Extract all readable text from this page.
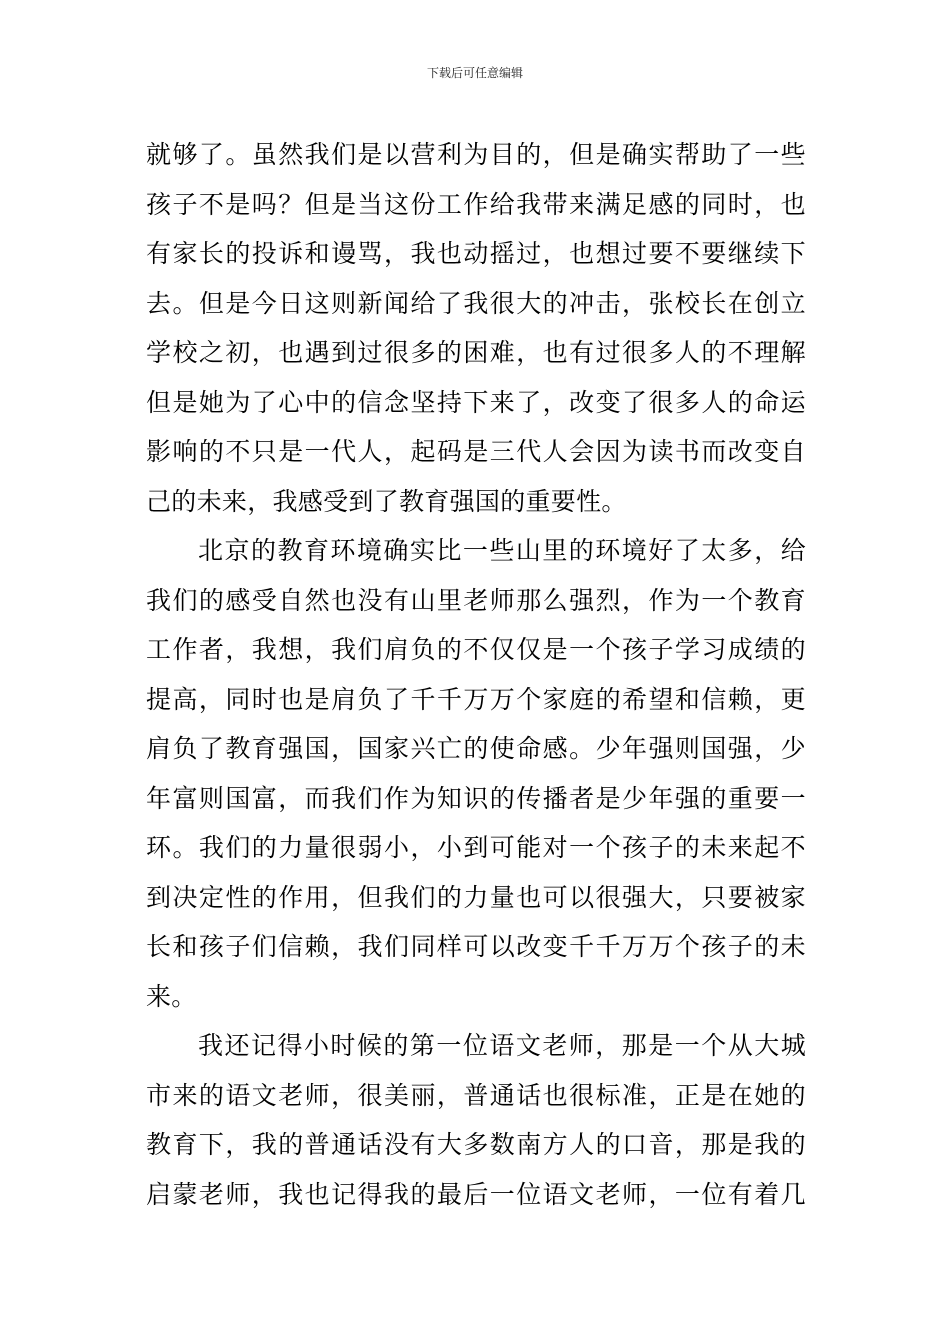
下载后可任意编辑
就够了。虽然我们是以营利为目的，但是确实帮助了一些
孩子不是吗？但是当这份工作给我带来满足感的同时，也
有家长的投诉和谩骂，我也动摇过，也想过要不要继续下
去。但是今日这则新闻给了我很大的冲击，张校长在创立
学校之初，也遇到过很多的困难，也有过很多人的不理解
但是她为了心中的信念坚持下来了，改变了很多人的命运
影响的不只是一代人，起码是三代人会因为读书而改变自
己的未来，我感受到了教育强国的重要性。
北京的教育环境确实比一些山里的环境好了太多，给
我们的感受自然也没有山里老师那么强烈，作为一个教育
工作者，我想，我们肩负的不仅仅是一个孩子学习成绩的
提高，同时也是肩负了千千万万个家庭的希望和信赖，更
肩负了教育强国，国家兴亡的使命感。少年强则国强，少
年富则国富，而我们作为知识的传播者是少年强的重要一
环。我们的力量很弱小，小到可能对一个孩子的未来起不
到决定性的作用，但我们的力量也可以很强大，只要被家
长和孩子们信赖，我们同样可以改变千千万万个孩子的未
来。
我还记得小时候的第一位语文老师，那是一个从大城
市来的语文老师，很美丽，普通话也很标准，正是在她的
教育下，我的普通话没有大多数南方人的口音，那是我的
启蒙老师，我也记得我的最后一位语文老师，一位有着几
